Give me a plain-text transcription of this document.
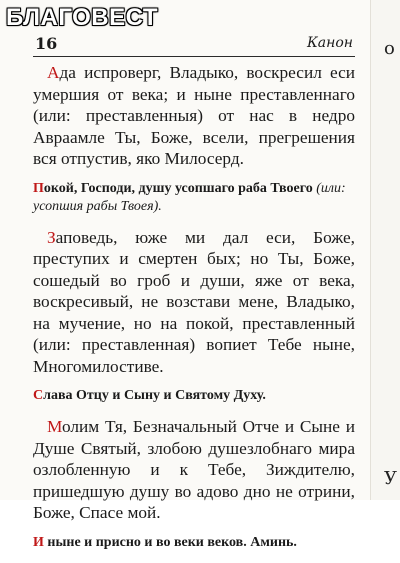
16	Канон

Ада испроверг, Владыко, воскресил еси умершия от века; и ныне преставленнаго (или: преставленныя) от нас в недро Авраамле Ты, Боже, всели, прегрешения вся отпустив, яко Милосерд.

Покой, Господи, душу усопшаго раба Твоего (или: усопшия рабы Твоея).

Заповедь, юже ми дал еси, Боже, преступих и смертен бых; но Ты, Боже, сошедый во гроб и души, яже от века, воскресивый, не возстави мене, Владыко, на мучение, но на покой, преставленный (или: преставленная) вопиет Тебе ныне, Многомилостиве.

Слава Отцу и Сыну и Святому Духу.

Молим Тя, Безначальный Отче и Сыне и Душе Святый, злобою душезлобнаго мира озлобленную и к Тебе, Зиждителю, пришедшую душу во адово дно не отрини, Боже, Спасе мой.

И ныне и присно и во веки веков. Аминь.

о
У
БЛАГОВЕСТ
